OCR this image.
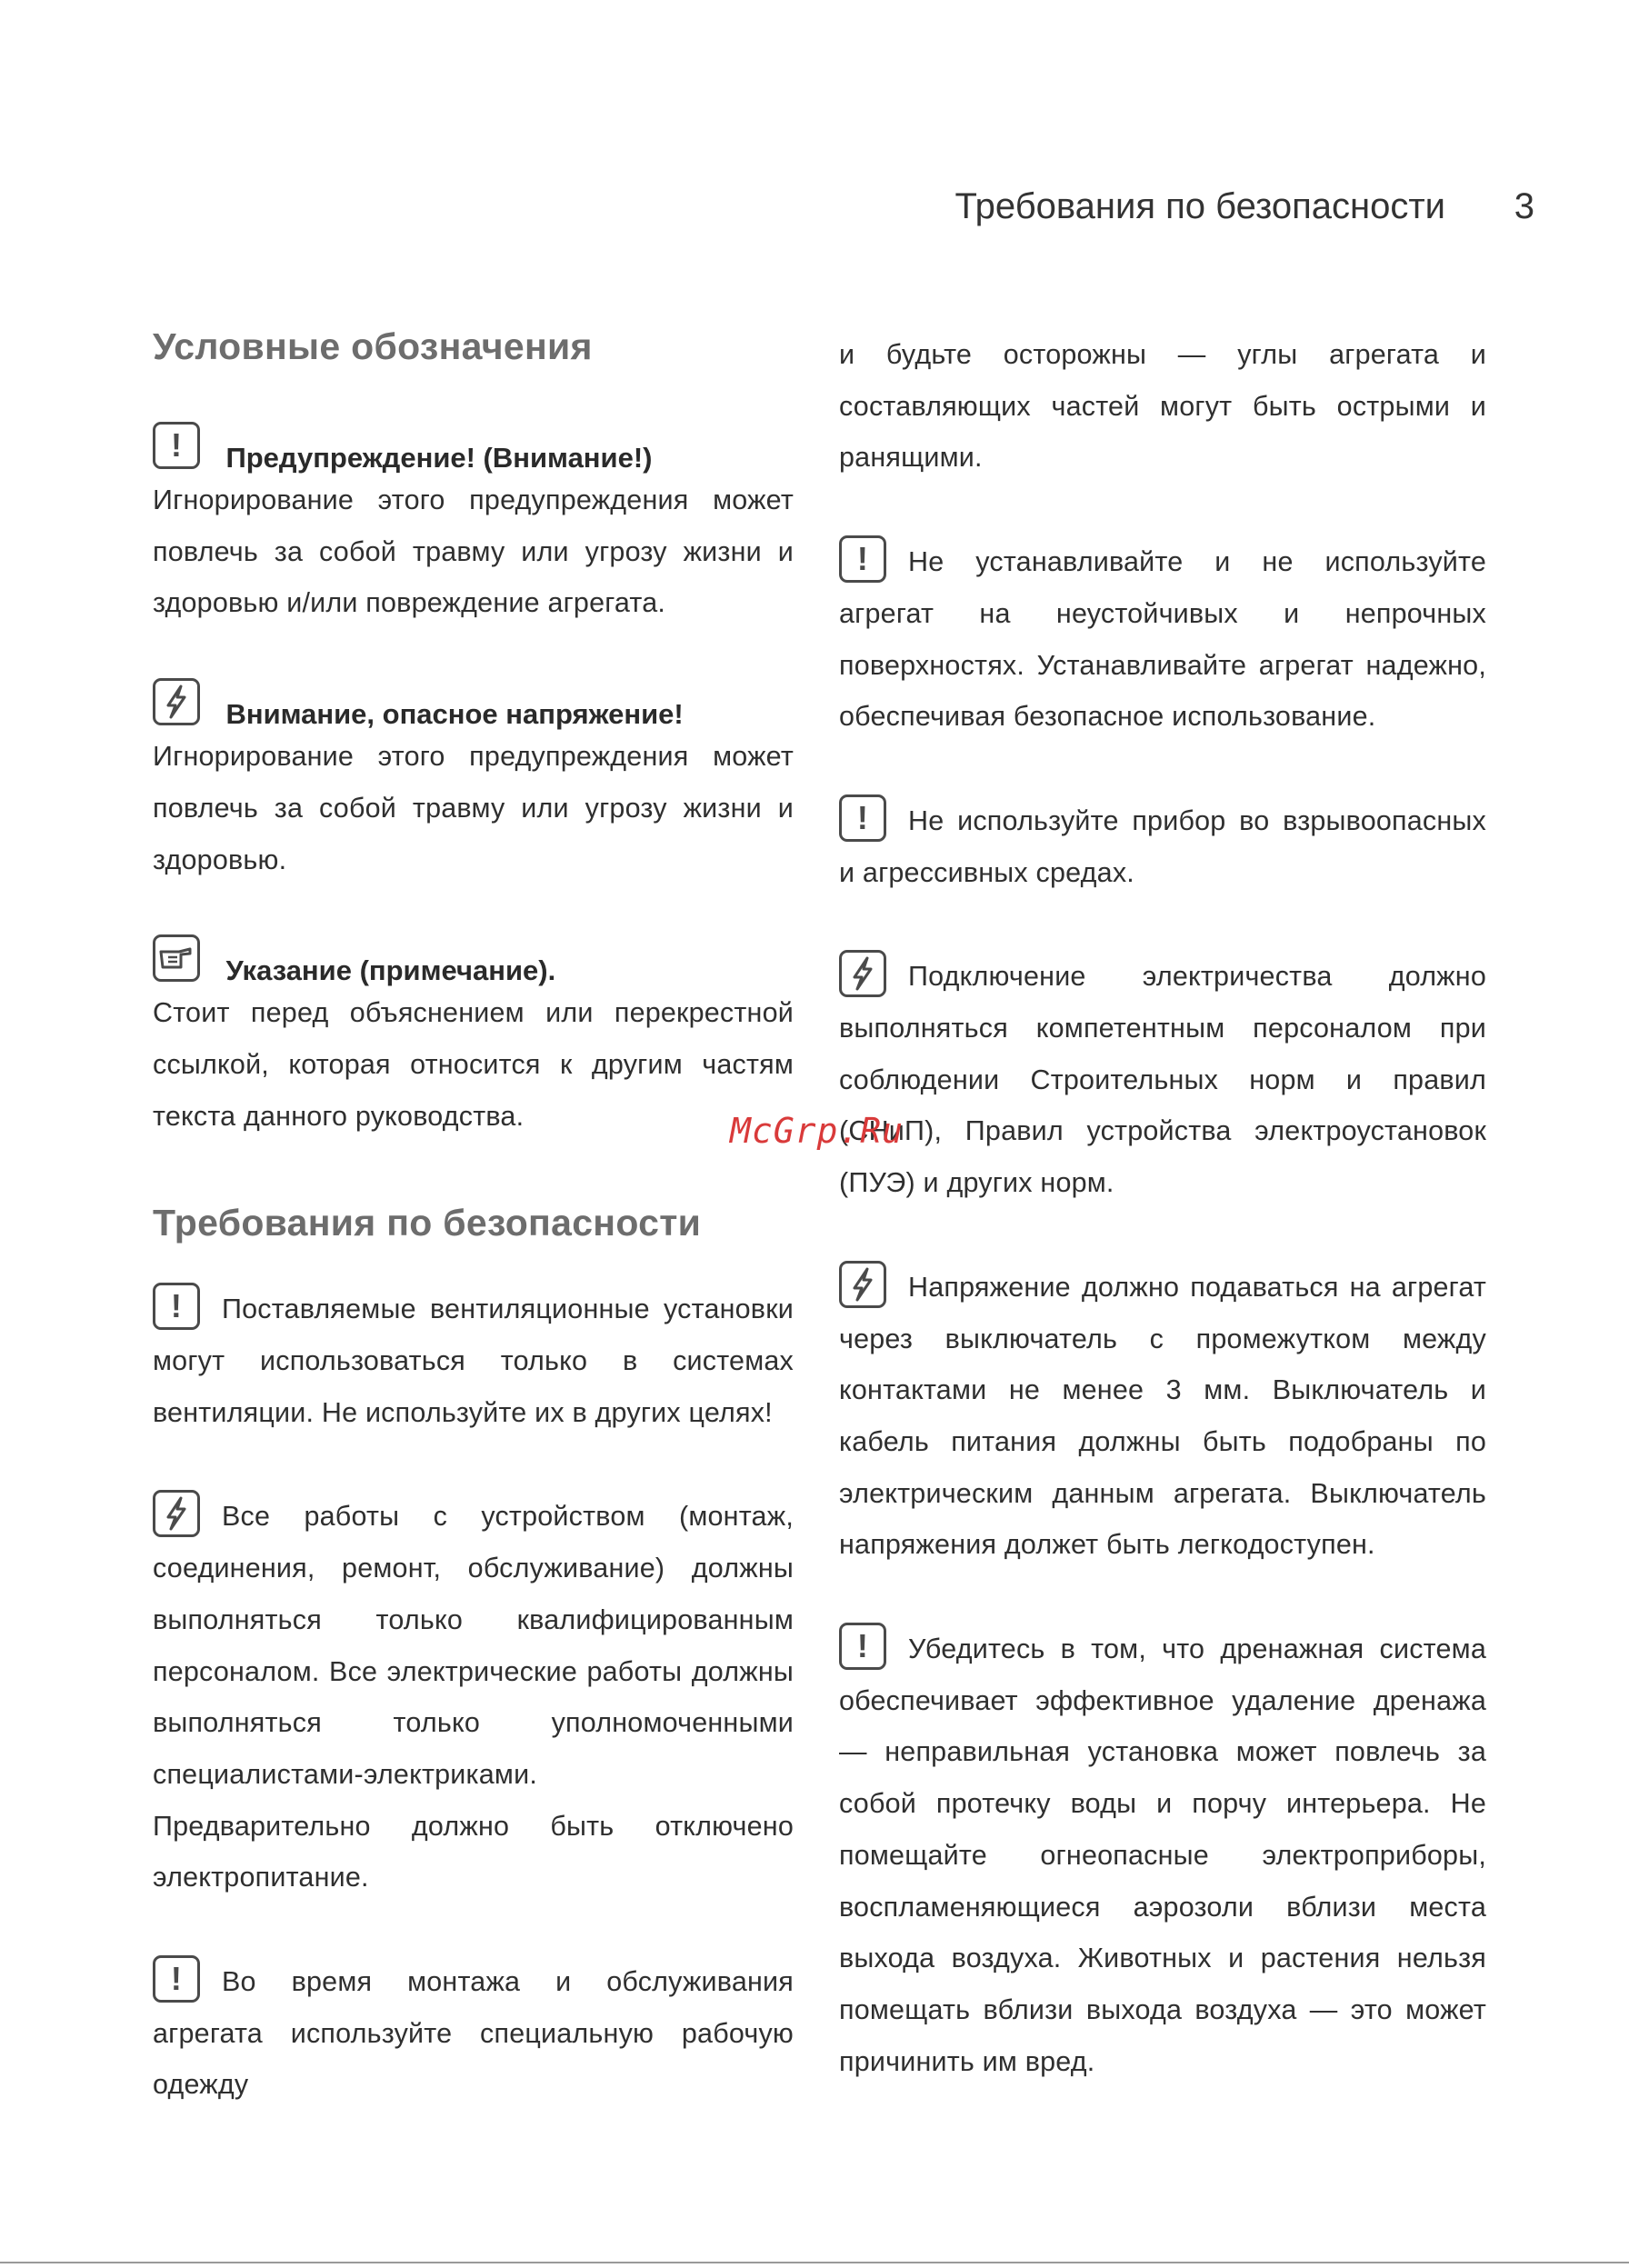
Требования по безопасности 3
Условные обозначения
! Предупреждение! (Внимание!)

Игнорирование этого предупреждения может повлечь за собой травму или угрозу жизни и здоровью и/или повреждение агрегата.

Внимание, опасное напряжение!

Игнорирование этого предупреждения может повлечь за собой травму или угрозу жизни и здоровью.

Указание (примечание).

Стоит перед объяснением или перекрестной ссылкой, которая относится к другим частям текста данного руководства.

Требования по безопасности

! Поставляемые вентиляционные установки могут использоваться только в системах вентиляции. Не используйте их в других целях!

Все работы с устройством (монтаж, соединения, ремонт, обслуживание) должны выполняться только квалифицированным персоналом. Все электрические работы должны выполняться только уполномоченными специалистами-электриками.

Предварительно должно быть отключено электропитание.

! Во время монтажа и обслуживания агрегата используйте специальную рабочую одежду

и будьте осторожны — углы агрегата и составляющих частей могут быть острыми и ранящими.

! Не устанавливайте и не используйте агрегат на неустойчивых и непрочных поверхностях. Устанавливайте агрегат надежно, обеспечивая безопасное использование.

! Не используйте прибор во взрывоопасных и агрессивных средах.

Подключение электричества должно выполняться компетентным персоналом при соблюдении Строительных норм и правил (СНиП), Правил устройства электроустановок (ПУЭ) и других норм.

Напряжение должно подаваться на агрегат через выключатель с промежутком между контактами не менее 3 мм. Выключатель и кабель питания должны быть подобраны по электрическим данным агрегата. Выключатель напряжения должет быть легкодоступен.

! Убедитесь в том, что дренажная система обеспечивает эффективное удаление дренажа — неправильная установка может повлечь за собой протечку воды и порчу интерьера. Не помещайте огнеопасные электроприборы, воспламеняющиеся аэрозоли вблизи места выхода воздуха. Животных и растения нельзя помещать вблизи выхода воздуха — это может причинить им вред.

McGrp.Ru
